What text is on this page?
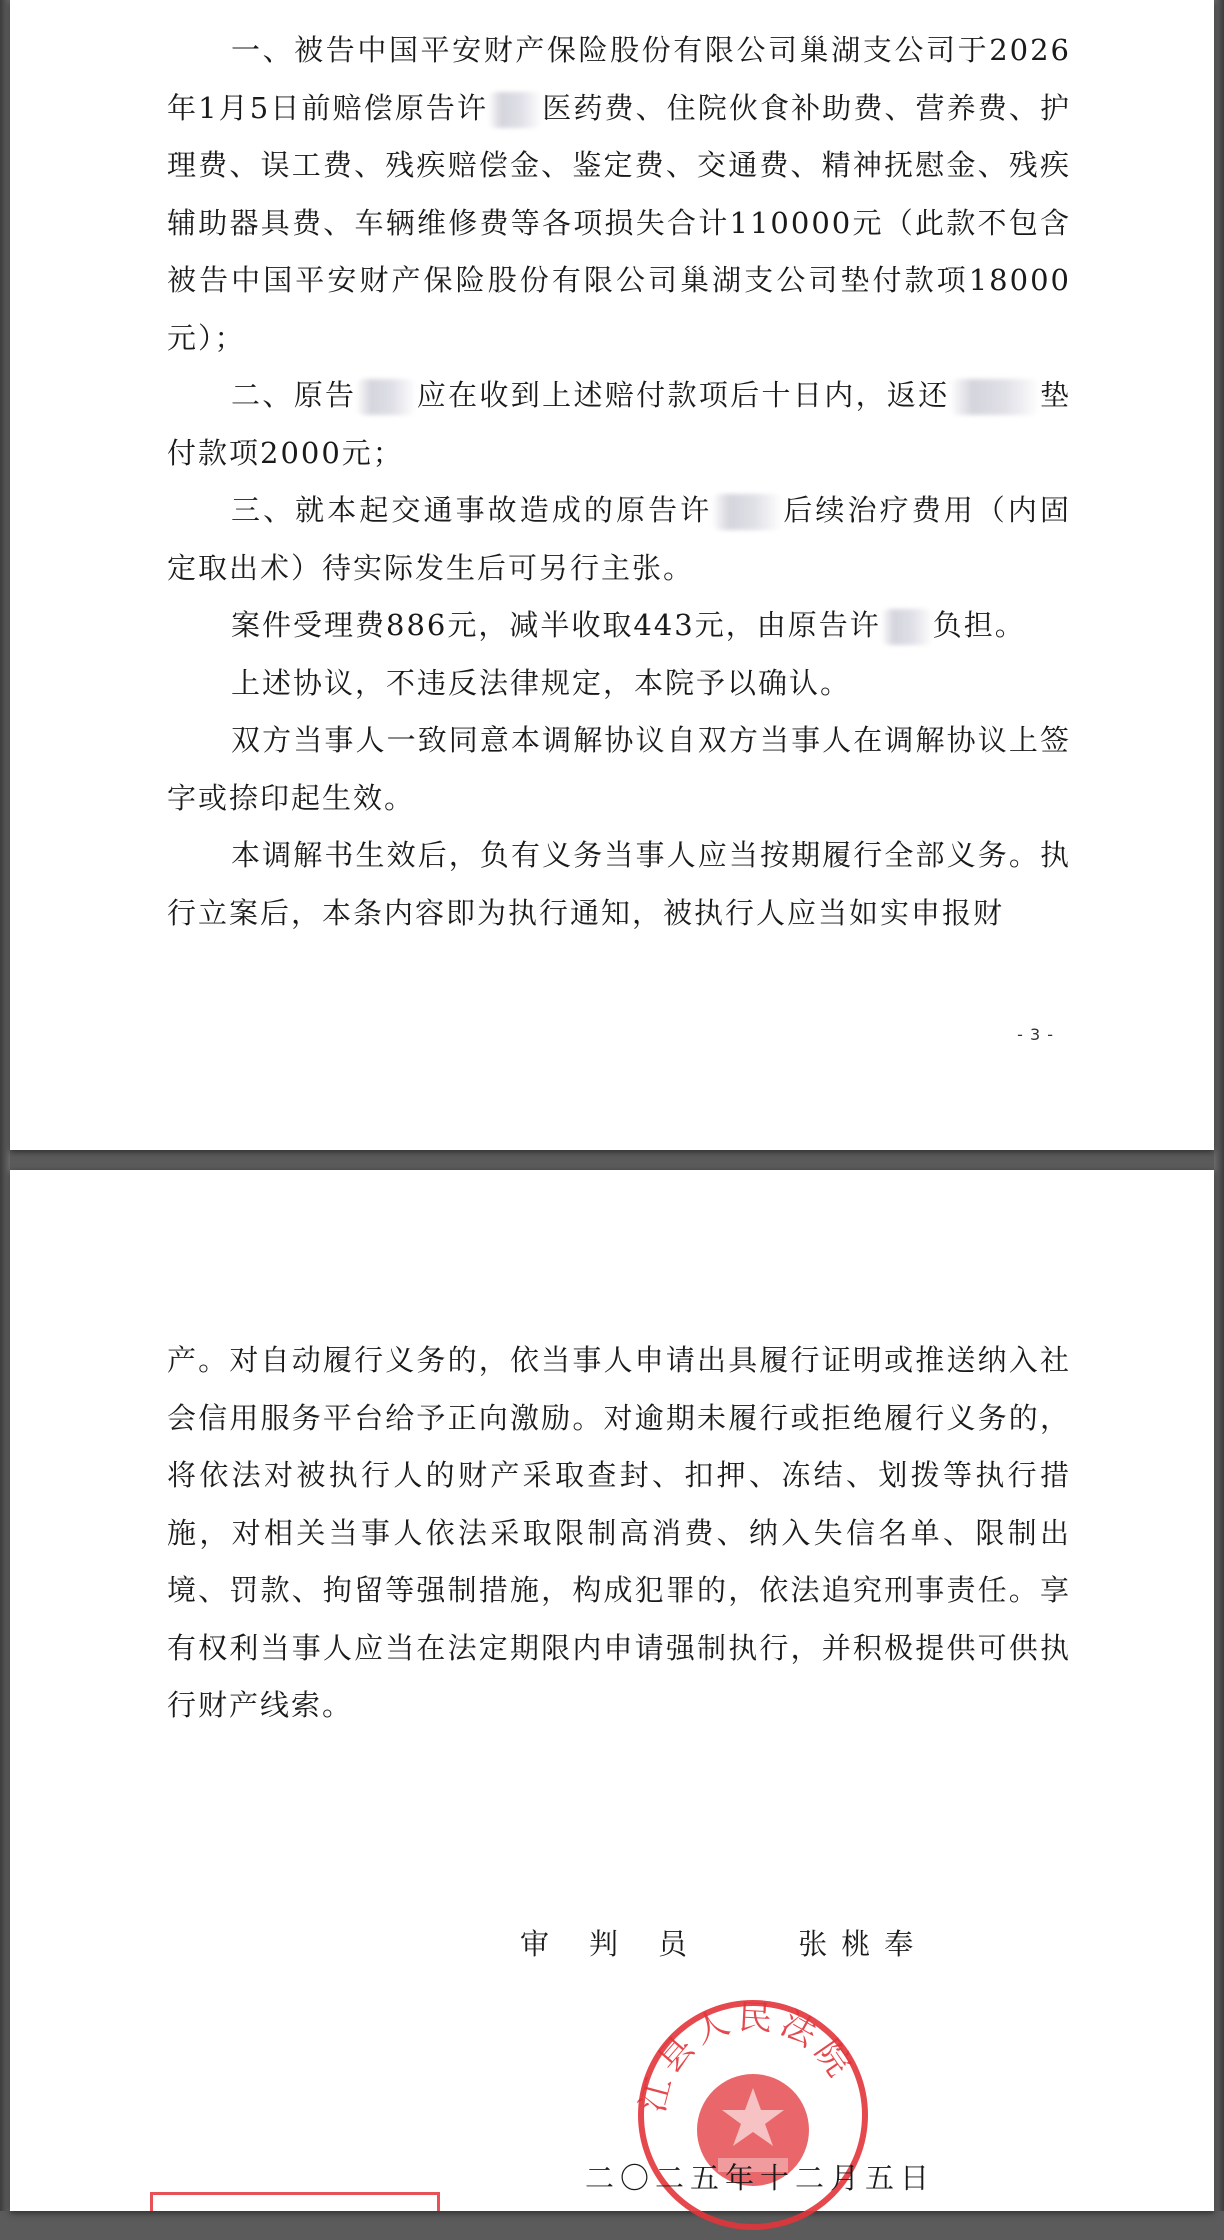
一、被告中国平安财产保险股份有限公司巢湖支公司于2026年1月5日前赔偿原告许 医药费、住院伙食补助费、营养费、护理费、误工费、残疾赔偿金、鉴定费、交通费、精神抚慰金、残疾辅助器具费、车辆维修费等各项损失合计110000元（此款不包含被告中国平安财产保险股份有限公司巢湖支公司垫付款项18000元）；

二、原告 应在收到上述赔付款项后十日内，返还	垫付款项2000元；

三、就本起交通事故造成的原告许 后续治疗费用（内固定取出术）待实际发生后可另行主张。

案件受理费886元，减半收取443元，由原告许 负担。

上述协议，不违反法律规定，本院予以确认。

双方当事人一致同意本调解协议自双方当事人在调解协议上签字或捺印起生效。

本调解书生效后，负有义务当事人应当按期履行全部义务。执行立案后，本条内容即为执行通知，被执行人应当如实申报财

- 3 -

产。对自动履行义务的，依当事人申请出具履行证明或推送纳入社会信用服务平台给予正向激励。对逾期未履行或拒绝履行义务的，将依法对被执行人的财产采取查封、扣押、冻结、划拨等执行措施，对相关当事人依法采取限制高消费、纳入失信名单、限制出境、罚款、拘留等强制措施，构成犯罪的，依法追究刑事责任。享有权利当事人应当在法定期限内申请强制执行，并积极提供可供执行财产线索。

审判员 张桃奉
江县人民法院
二〇二五年十二月五日
